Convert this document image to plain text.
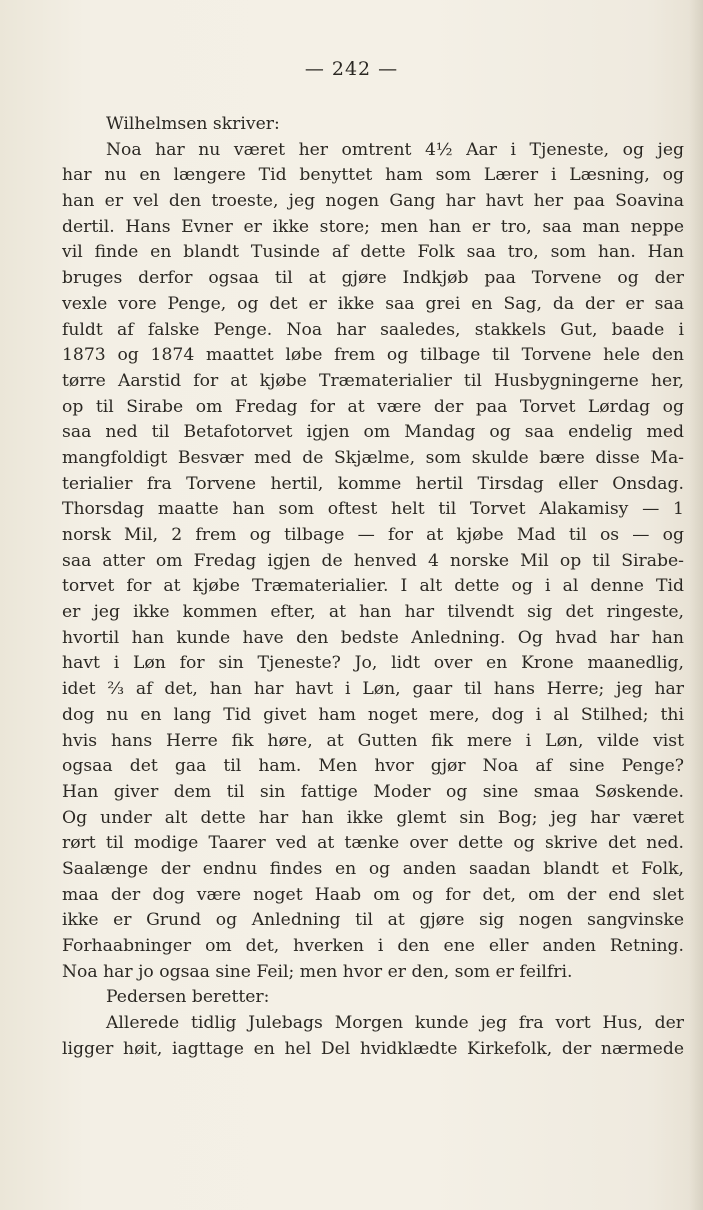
— 242 —
Wilhelmsen skriver:
Noa har nu været her omtrent 4½ Aar i Tjeneste, og jeg
har nu en længere Tid benyttet ham som Lærer i Læsning, og
han er vel den troeste, jeg nogen Gang har havt her paa Soavina
dertil. Hans Evner er ikke store; men han er tro, saa man neppe
vil finde en blandt Tusinde af dette Folk saa tro, som han. Han
bruges derfor ogsaa til at gjøre Indkjøb paa Torvene og der
vexle vore Penge, og det er ikke saa grei en Sag, da der er saa
fuldt af falske Penge. Noa har saaledes, stakkels Gut, baade i
1873 og 1874 maattet løbe frem og tilbage til Torvene hele den
tørre Aarstid for at kjøbe Træmaterialier til Husbygningerne her,
op til Sirabe om Fredag for at være der paa Torvet Lørdag og
saa ned til Betafotorvet igjen om Mandag og saa endelig med
mangfoldigt Besvær med de Skjælme, som skulde bære disse Ma-
terialier fra Torvene hertil, komme hertil Tirsdag eller Onsdag.
Thorsdag maatte han som oftest helt til Torvet Alakamisy — 1
norsk Mil, 2 frem og tilbage — for at kjøbe Mad til os — og
saa atter om Fredag igjen de henved 4 norske Mil op til Sirabe-
torvet for at kjøbe Træmaterialier. I alt dette og i al denne Tid
er jeg ikke kommen efter, at han har tilvendt sig det ringeste,
hvortil han kunde have den bedste Anledning. Og hvad har han
havt i Løn for sin Tjeneste? Jo, lidt over en Krone maanedlig,
idet ⅔ af det, han har havt i Løn, gaar til hans Herre; jeg har
dog nu en lang Tid givet ham noget mere, dog i al Stilhed; thi
hvis hans Herre fik høre, at Gutten fik mere i Løn, vilde vist
ogsaa det gaa til ham. Men hvor gjør Noa af sine Penge?
Han giver dem til sin fattige Moder og sine smaa Søskende.
Og under alt dette har han ikke glemt sin Bog; jeg har været
rørt til modige Taarer ved at tænke over dette og skrive det ned.
Saalænge der endnu findes en og anden saadan blandt et Folk,
maa der dog være noget Haab om og for det, om der end slet
ikke er Grund og Anledning til at gjøre sig nogen sangvinske
Forhaabninger om det, hverken i den ene eller anden Retning.
Noa har jo ogsaa sine Feil; men hvor er den, som er feilfri.
Pedersen beretter:
Allerede tidlig Julebags Morgen kunde jeg fra vort Hus, der
ligger høit, iagttage en hel Del hvidklædte Kirkefolk, der nærmede
